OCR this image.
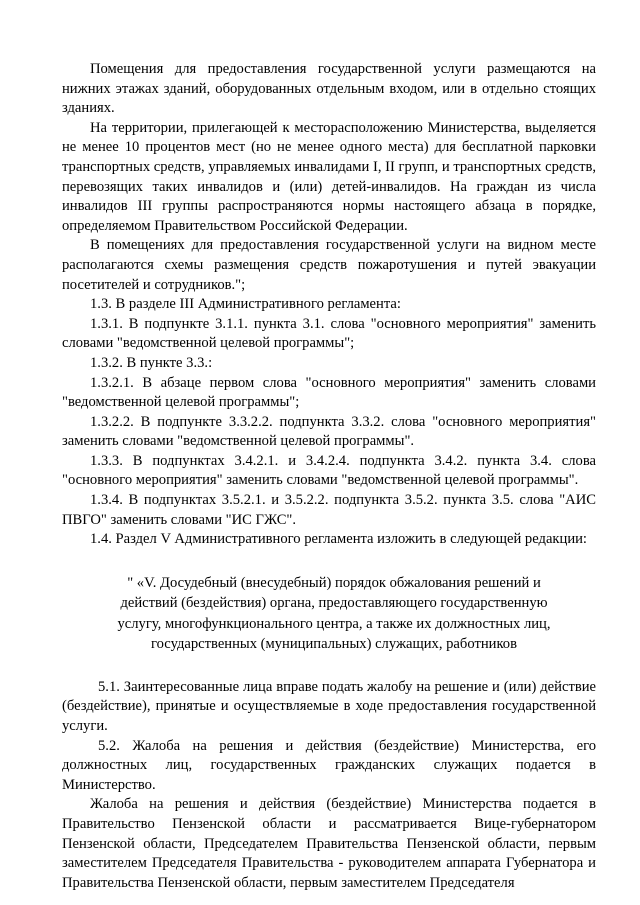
Помещения для предоставления государственной услуги размещаются на нижних этажах зданий, оборудованных отдельным входом, или в отдельно стоящих зданиях.

На территории, прилегающей к месторасположению Министерства, выделяется не менее 10 процентов мест (но не менее одного места) для бесплатной парковки транспортных средств, управляемых инвалидами I, II групп, и транспортных средств, перевозящих таких инвалидов и (или) детей-инвалидов. На граждан из числа инвалидов III группы распространяются нормы настоящего абзаца в порядке, определяемом Правительством Российской Федерации.

В помещениях для предоставления государственной услуги на видном месте располагаются схемы размещения средств пожаротушения и путей эвакуации посетителей и сотрудников.";

1.3. В разделе III Административного регламента:

1.3.1. В подпункте 3.1.1. пункта 3.1. слова "основного мероприятия" заменить словами "ведомственной целевой программы";

1.3.2. В пункте 3.3.:

1.3.2.1. В абзаце первом слова "основного мероприятия" заменить словами "ведомственной целевой программы";

1.3.2.2. В подпункте 3.3.2.2. подпункта 3.3.2. слова "основного мероприятия" заменить словами "ведомственной целевой программы".

1.3.3. В подпунктах 3.4.2.1. и 3.4.2.4. подпункта 3.4.2. пункта 3.4. слова "основного мероприятия" заменить словами "ведомственной целевой программы".

1.3.4. В подпунктах 3.5.2.1. и 3.5.2.2. подпункта 3.5.2. пункта 3.5. слова "АИС ПВГО" заменить словами "ИС ГЖС".

1.4. Раздел V Административного регламента изложить в следующей редакции:

" «V. Досудебный (внесудебный) порядок обжалования решений и действий (бездействия) органа, предоставляющего государственную услугу, многофункционального центра, а также их должностных лиц, государственных (муниципальных) служащих, работников

5.1. Заинтересованные лица вправе подать жалобу на решение и (или) действие (бездействие), принятые и осуществляемые в ходе предоставления государственной услуги.

5.2. Жалоба на решения и действия (бездействие) Министерства, его должностных лиц, государственных гражданских служащих подается в Министерство.

Жалоба на решения и действия (бездействие) Министерства подается в Правительство Пензенской области и рассматривается Вице-губернатором Пензенской области, Председателем Правительства Пензенской области, первым заместителем Председателя Правительства - руководителем аппарата Губернатора и Правительства Пензенской области, первым заместителем Председателя
